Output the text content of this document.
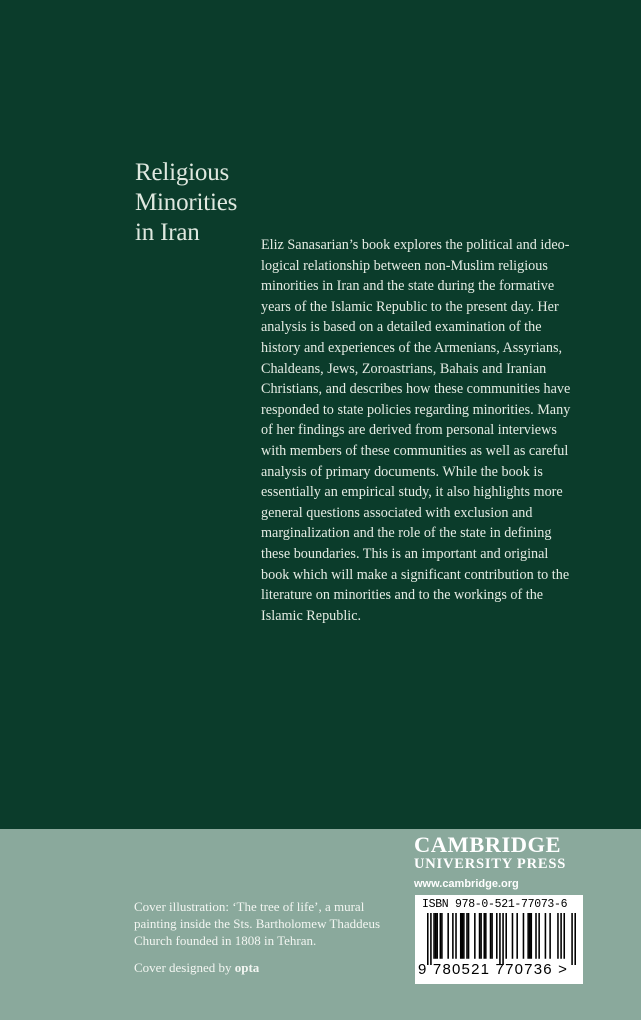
Religious
Minorities
in Iran	Eliz Sanasarian’s book explores the political and ideo-
logical relationship between non-Muslim religious
minorities in Iran and the state during the formative
years of the Islamic Republic to the present day. Her
analysis is based on a detailed examination of the
history and experiences of the Armenians, Assyrians,
Chaldeans, Jews, Zoroastrians, Bahais and Iranian
Christians, and describes how these communities have
responded to state policies regarding minorities. Many
of her findings are derived from personal interviews
with members of these communities as well as careful
analysis of primary documents. While the book is
essentially an empirical study, it also highlights more
general questions associated with exclusion and
marginalization and the role of the state in defining
these boundaries. This is an important and original
book which will make a significant contribution to the
literature on minorities and to the workings of the
Islamic Republic.
Cover illustration: ‘The tree of life’, a mural
painting inside the Sts. Bartholomew Thaddeus
Church founded in 1808 in Tehran.
Cover designed by opta
CAMBRIDGE
UNIVERSITY PRESS
www.cambridge.org
ISBN 978-0-521-77073-6
9 780521 770736 >
